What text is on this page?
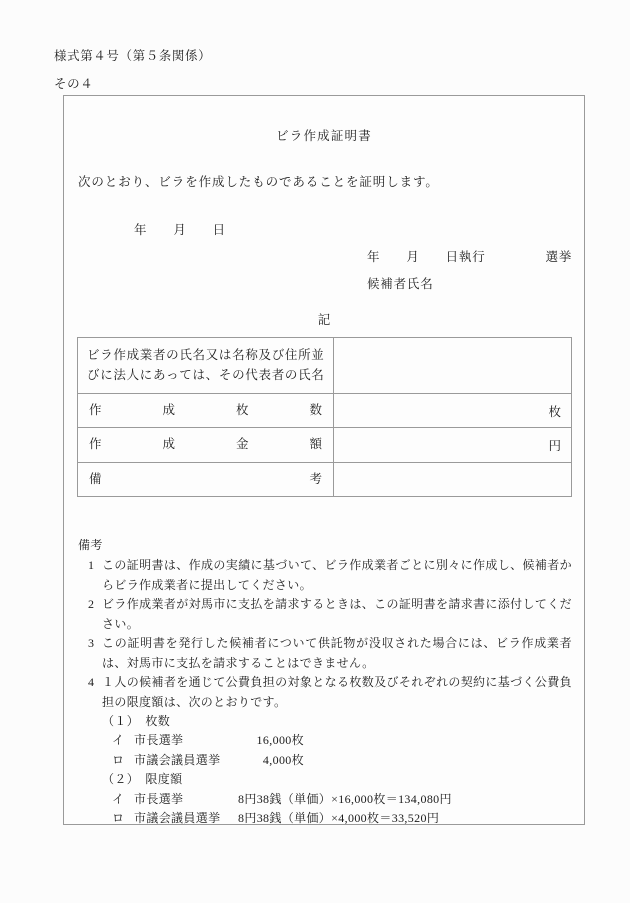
様式第４号（第５条関係）
その４
ビラ作成証明書
次のとおり、ビラを作成したものであることを証明します。
年 月 日
年 月 日執行	選挙
候補者氏名
記
ビラ作成業者の氏名又は名称及び住所並びに法人にあっては、その代表者の氏名	

作 成 枚 数	枚

作 成 金 額	円

備 考	

備考
1 この証明書は、作成の実績に基づいて、ビラ作成業者ごとに別々に作成し、候補者からビラ作成業者に提出してください。
2 ビラ作成業者が対馬市に支払を請求するときは、この証明書を請求書に添付してください。
3 この証明書を発行した候補者について供託物が没収された場合には、ビラ作成業者は、対馬市に支払を請求することはできません。
4 １人の候補者を通じて公費負担の対象となる枚数及びそれぞれの契約に基づく公費負担の限度額は、次のとおりです。
（１）　枚数
イ 市長選挙	16,000枚
ロ 市議会議員選挙	4,000枚
（２）　限度額
イ 市長選挙	8円38銭（単価）×16,000枚＝134,080円
ロ 市議会議員選挙	8円38銭（単価）×4,000枚＝33,520円
